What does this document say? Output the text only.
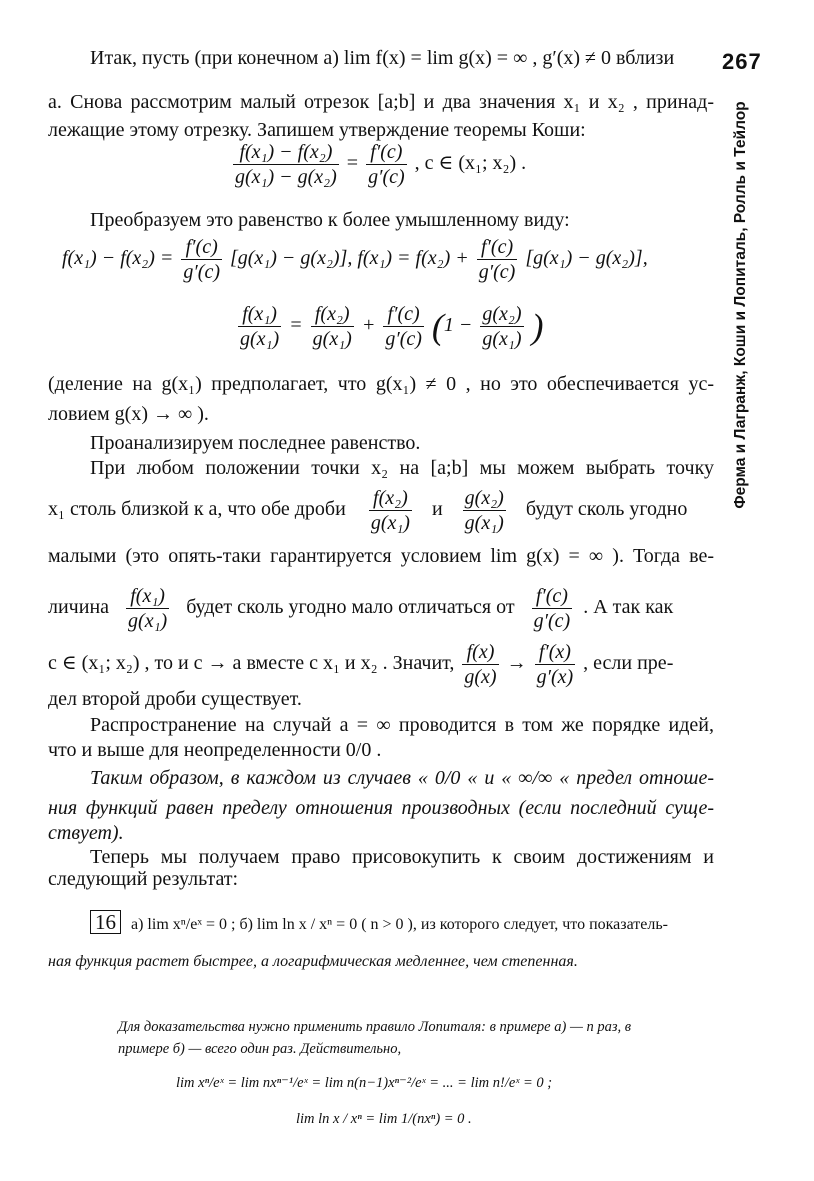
267
Ферма и Лагранж, Коши и Лопиталь, Ролль и Тейлор
Итак, пусть (при конечном a) lim f(x) = lim g(x) = ∞ , g′(x) ≠ 0 вблизи
a. Снова рассмотрим малый отрезок [a;b] и два значения x₁ и x₂ , принад-
лежащие этому отрезку. Запишем утверждение теоремы Коши:
$\frac{\text{f(x₁) − f(x₂)}}{\text{g(x₁) − g(x₂)}} = \frac{f'(c)}{g'(c)}$ , c ∈ (x₁; x₂) .
Преобразуем это равенство к более умышленному виду:
$f(x_1) - f(x_2) = \frac{f'(c)}{g'(c)} [g(x_1) - g(x_2)]$, $f(x_1) = f(x_2) + \frac{f'(c)}{g'(c)} [g(x_1) - g(x_2)]$,
$\frac{\text{f(x₁)}}{\text{g(x₁)}} = \frac{\text{f(x₂)}}{\text{g(x₁)}} + \frac{f'(c)}{g'(c)} (1 - \frac{\text{g(x₂)}}{\text{g(x₁)}}$ )
(деление на g(x₁) предполагает, что g(x₁) ≠ 0 , но это обеспечивается ус-
ловием g(x) → ∞ ).
Проанализируем последнее равенство.
При любом положении точки x₂ на [a;b] мы можем выбрать точку
x₁ столь близкой к a, что обе дроби $\frac{\text{f(x₂)}}{\text{g(x₁)}}$ и $\frac{\text{g(x₂)}}{\text{g(x₁)}}$ будут сколь угодно
малыми (это опять-таки гарантируется условием lim g(x) = ∞ ). Тогда ве-
личина $\frac{\text{f(x₁)}}{\text{g(x₁)}}$ будет сколь угодно мало отличаться от $\frac{f'(c)}{g'(c)}$ . А так как
c ∈ (x₁; x₂) , то и c → a вместе с x₁ и x₂ . Значит, $\frac{f(x)}{g(x)} \to \frac{f'(x)}{g'(x)}$ , если пре-
дел второй дроби существует.
Распространение на случай a = ∞ проводится в том же порядке идей,
что и выше для неопределенности 0/0 .
Таким образом, в каждом из случаев « 0/0 « и « ∞/∞ « предел отноше-
ния функций равен пределу отношения производных (если последний суще-
ствует).
Теперь мы получаем право присовокупить к своим достижениям и
следующий результат:
16 а) lim xⁿ/eˣ = 0 ; б) lim ln x / xⁿ = 0 ( n > 0 ), из которого следует, что показатель-
ная функция растет быстрее, а логарифмическая медленнее, чем степенная.
Для доказательства нужно применить правило Лопиталя: в примере а) — n раз, в
примере б) — всего один раз. Действительно,
lim xⁿ/eˣ = lim nxⁿ⁻¹/eˣ = lim n(n−1)xⁿ⁻²/eˣ = ... = lim n!/eˣ = 0 ;
lim ln x / xⁿ = lim 1/(nxⁿ) = 0 .
